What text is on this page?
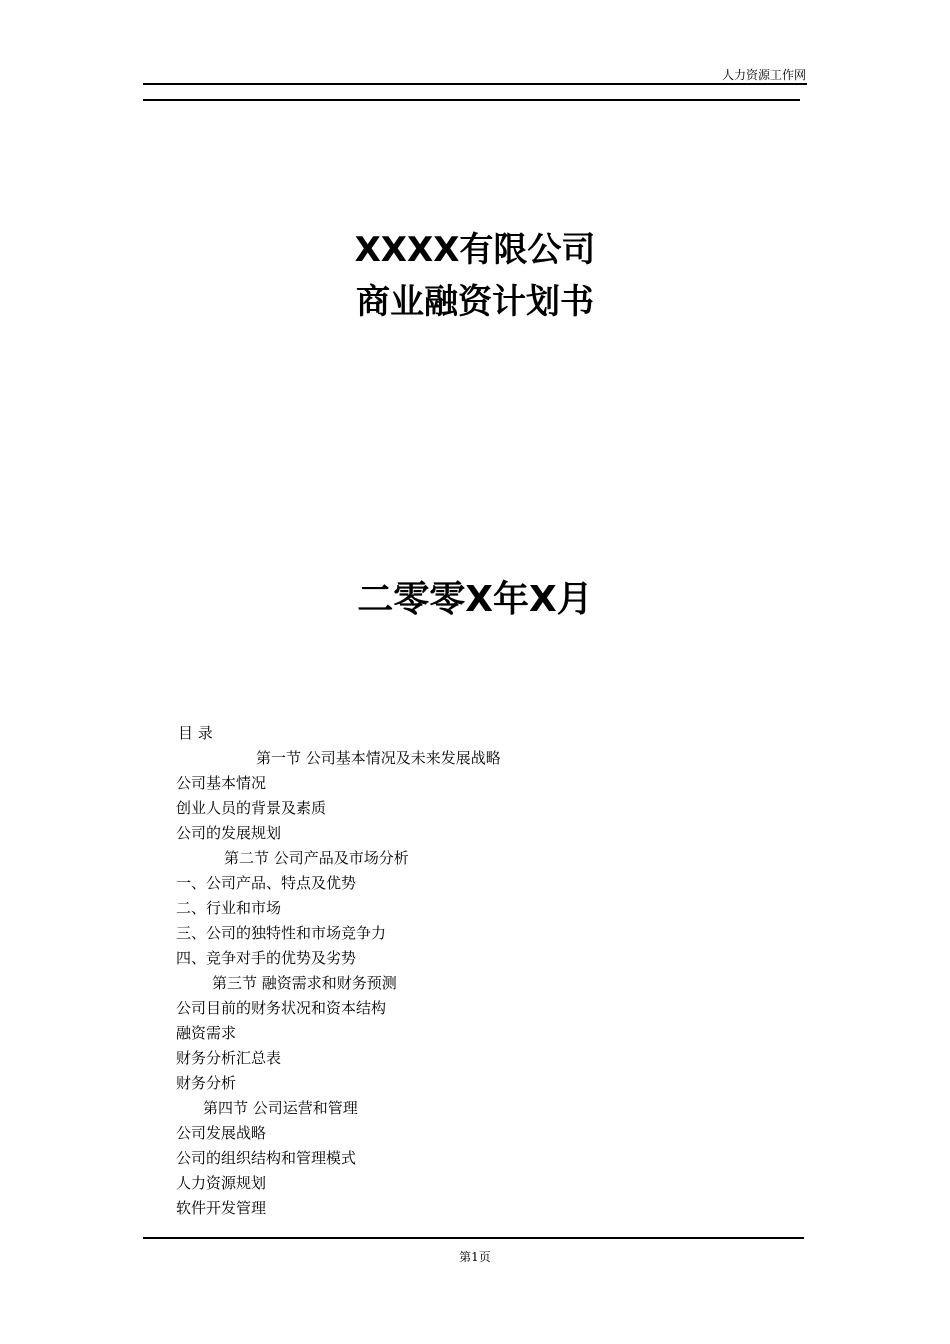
人力资源工作网
XXXX有限公司
商业融资计划书
二零零X年X月
目 录
第一节 公司基本情况及未来发展战略
公司基本情况
创业人员的背景及素质
公司的发展规划
第二节 公司产品及市场分析
一、公司产品、特点及优势
二、行业和市场
三、公司的独特性和市场竞争力
四、竞争对手的优势及劣势
第三节 融资需求和财务预测
公司目前的财务状况和资本结构
融资需求
财务分析汇总表
财务分析
第四节 公司运营和管理
公司发展战略
公司的组织结构和管理模式
人力资源规划
软件开发管理
第1页
